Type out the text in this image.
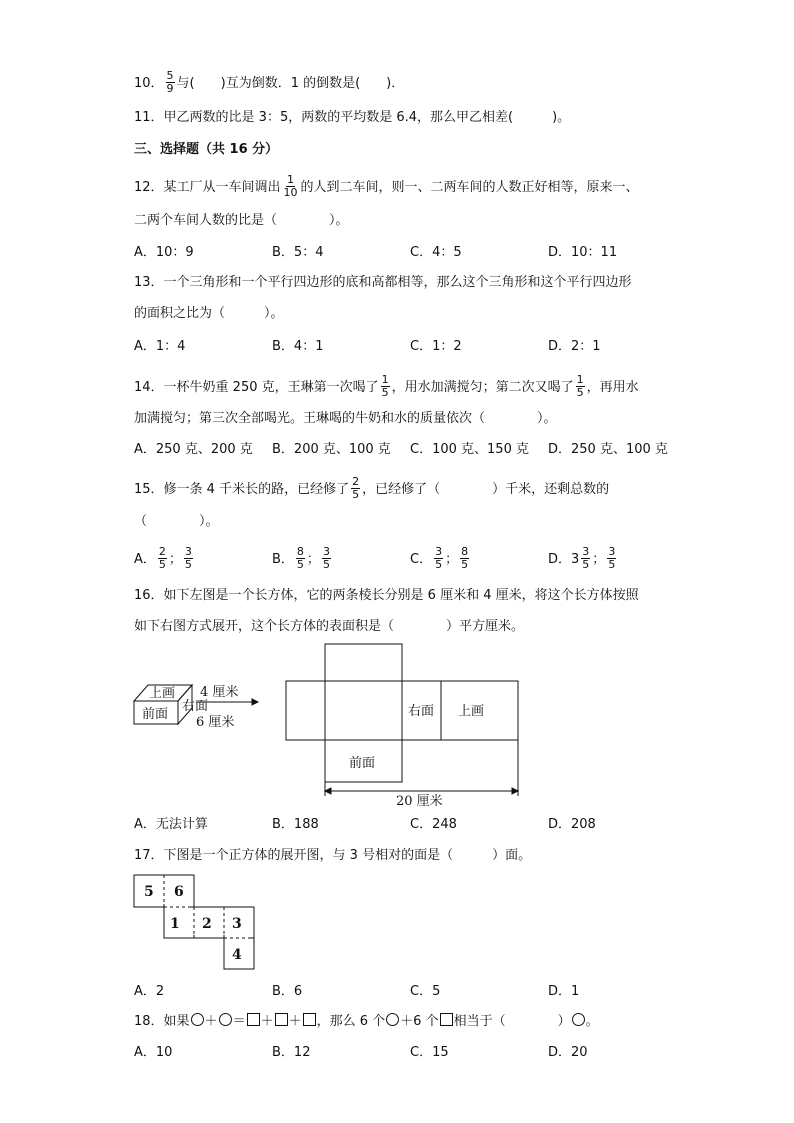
10． $\frac{5}{9}$ 与(　　)互为倒数．1 的倒数是(　　)．
11．甲乙两数的比是 3：5，两数的平均数是 6.4，那么甲乙相差(　　　)。
三、选择题（共 16 分）
12．某工厂从一车间调出 $\frac{1}{10}$ 的人到二车间，则一、二两车间的人数正好相等，原来一、
二两个车间人数的比是（　　　　）。
A．10：9	B．5：4	C．4：5	D．10：11
13．一个三角形和一个平行四边形的底和高都相等，那么这个三角形和这个平行四边形
的面积之比为（　　　）。
A．1：4	B．4：1	C．1：2	D．2：1
14．一杯牛奶重 250 克，王琳第一次喝了 $\frac{1}{5}$ ，用水加满搅匀；第二次又喝了 $\frac{1}{5}$ ，再用水
加满搅匀；第三次全部喝光。王琳喝的牛奶和水的质量依次（　　　　）。
A．250 克、200 克 B．200 克、100 克 C．100 克、150 克 D．250 克、100 克
15．修一条 4 千米长的路，已经修了 $\frac{2}{5}$ ，已经修了（　　　　）千米，还剩总数的
（　　　　）。
A． $\frac{2}{5}$ ； $\frac{3}{5}$	B． $\frac{8}{5}$ ； $\frac{3}{5}$	C． $\frac{3}{5}$ ； $\frac{8}{5}$	D．$3 \frac{3}{5}$ ； $\frac{3}{5}$
16．如下左图是一个长方体，它的两条棱长分别是 6 厘米和 4 厘米，将这个长方体按照
如下右图方式展开，这个长方体的表面积是（　　　　）平方厘米。
上画
前面
右面
4 厘米
6 厘米
右面 上画
前面
20 厘米
A．无法计算	B．188	C．248	D．208
17．下图是一个正方体的展开图，与 3 号相对的面是（　　　）面。
5 6
1 2 3
4
A．2	B．6	C．5	D．1
18．如果 ＋ ＝ ＋ ＋ ，那么 6 个 ＋6 个 相当于（　　　　） 。
A．10	B．12	C．15	D．20
